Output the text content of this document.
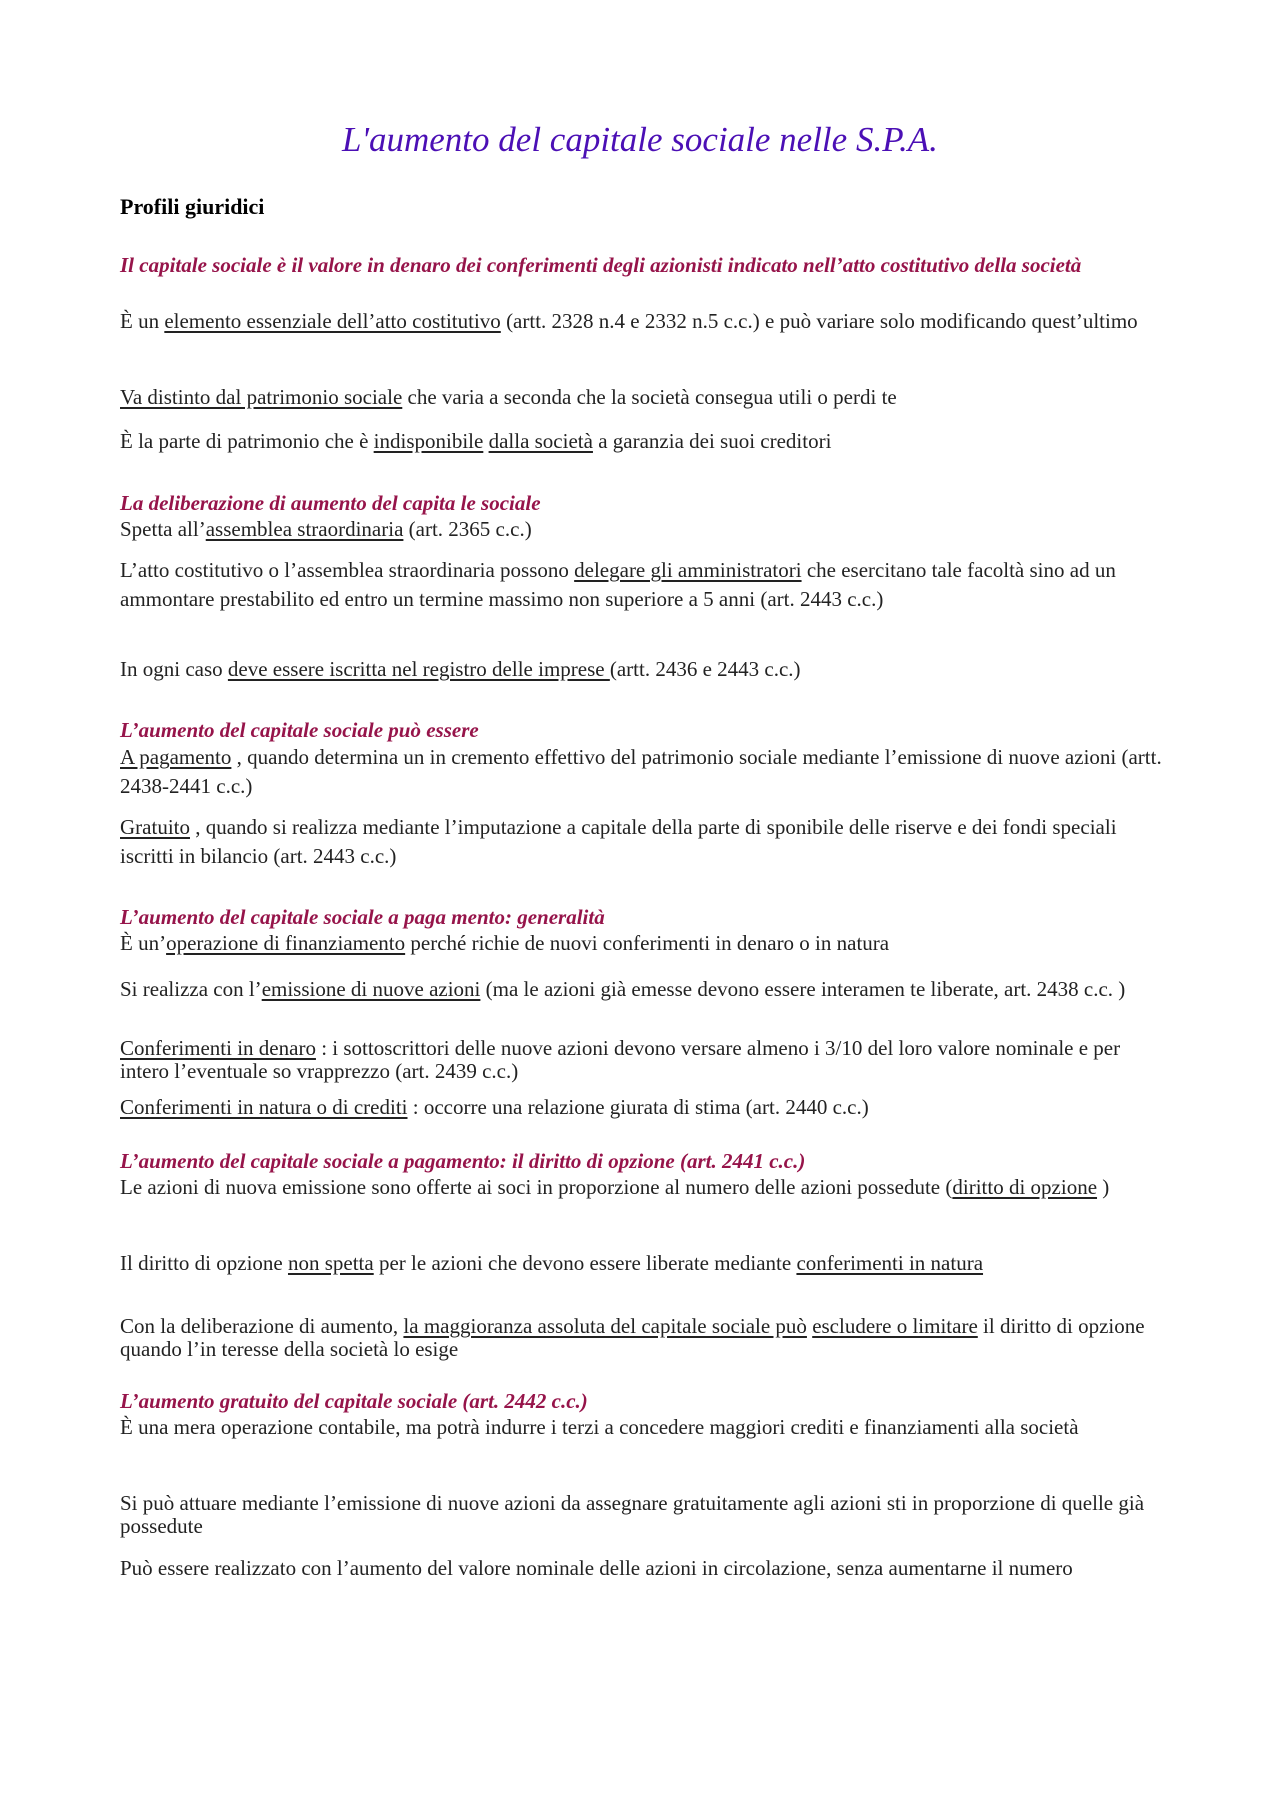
L'aumento del capitale sociale nelle S.P.A.
Profili giuridici
Il capitale sociale è il valore in denaro dei conferimenti degli azionisti indicato nell’atto costitutivo della società

È un elemento essenziale dell’atto costitutivo (artt. 2328 n.4 e 2332 n.5 c.c.) e può variare solo modificando quest’ultimo

Va distinto dal patrimonio sociale che varia a seconda che la società consegua utili o perdi te

È la parte di patrimonio che è indisponibile dalla società a garanzia dei suoi creditori

La deliberazione di aumento del capita le sociale

Spetta all’assemblea straordinaria (art. 2365 c.c.)

L’atto costitutivo o l’assemblea straordinaria possono delegare gli amministratori che esercitano tale facoltà sino ad un ammontare prestabilito ed entro un termine massimo non superiore a 5 anni (art. 2443 c.c.)

In ogni caso deve essere iscritta nel registro delle imprese (artt. 2436 e 2443 c.c.)

L’aumento del capitale sociale può essere

A pagamento , quando determina un in cremento effettivo del patrimonio sociale mediante l’emissione di nuove azioni (artt. 2438-2441 c.c.)

Gratuito , quando si realizza mediante l’imputazione a capitale della parte di sponibile delle riserve e dei fondi speciali iscritti in bilancio (art. 2443 c.c.)

L’aumento del capitale sociale a paga mento: generalità

È un’operazione di finanziamento perché richie de nuovi conferimenti in denaro o in natura

Si realizza con l’emissione di nuove azioni (ma le azioni già emesse devono essere interamen te liberate, art. 2438 c.c. )

Conferimenti in denaro : i sottoscrittori delle nuove azioni devono versare almeno i 3/10 del loro valore nominale e per intero l’eventuale so vrapprezzo (art. 2439 c.c.)

Conferimenti in natura o di crediti : occorre una relazione giurata di stima (art. 2440 c.c.)

L’aumento del capitale sociale a pagamento: il diritto di opzione (art. 2441 c.c.)

Le azioni di nuova emissione sono offerte ai soci in proporzione al numero delle azioni possedute (diritto di opzione )

Il diritto di opzione non spetta per le azioni che devono essere liberate mediante conferimenti in natura

Con la deliberazione di aumento, la maggioranza assoluta del capitale sociale può escludere o limitare il diritto di opzione quando l’in teresse della società lo esige

L’aumento gratuito del capitale sociale (art. 2442 c.c.)

È una mera operazione contabile, ma potrà indurre i terzi a concedere maggiori crediti e finanziamenti alla società

Si può attuare mediante l’emissione di nuove azioni da assegnare gratuitamente agli azioni sti in proporzione di quelle già possedute

Può essere realizzato con l’aumento del valore nominale delle azioni in circolazione, senza aumentarne il numero
